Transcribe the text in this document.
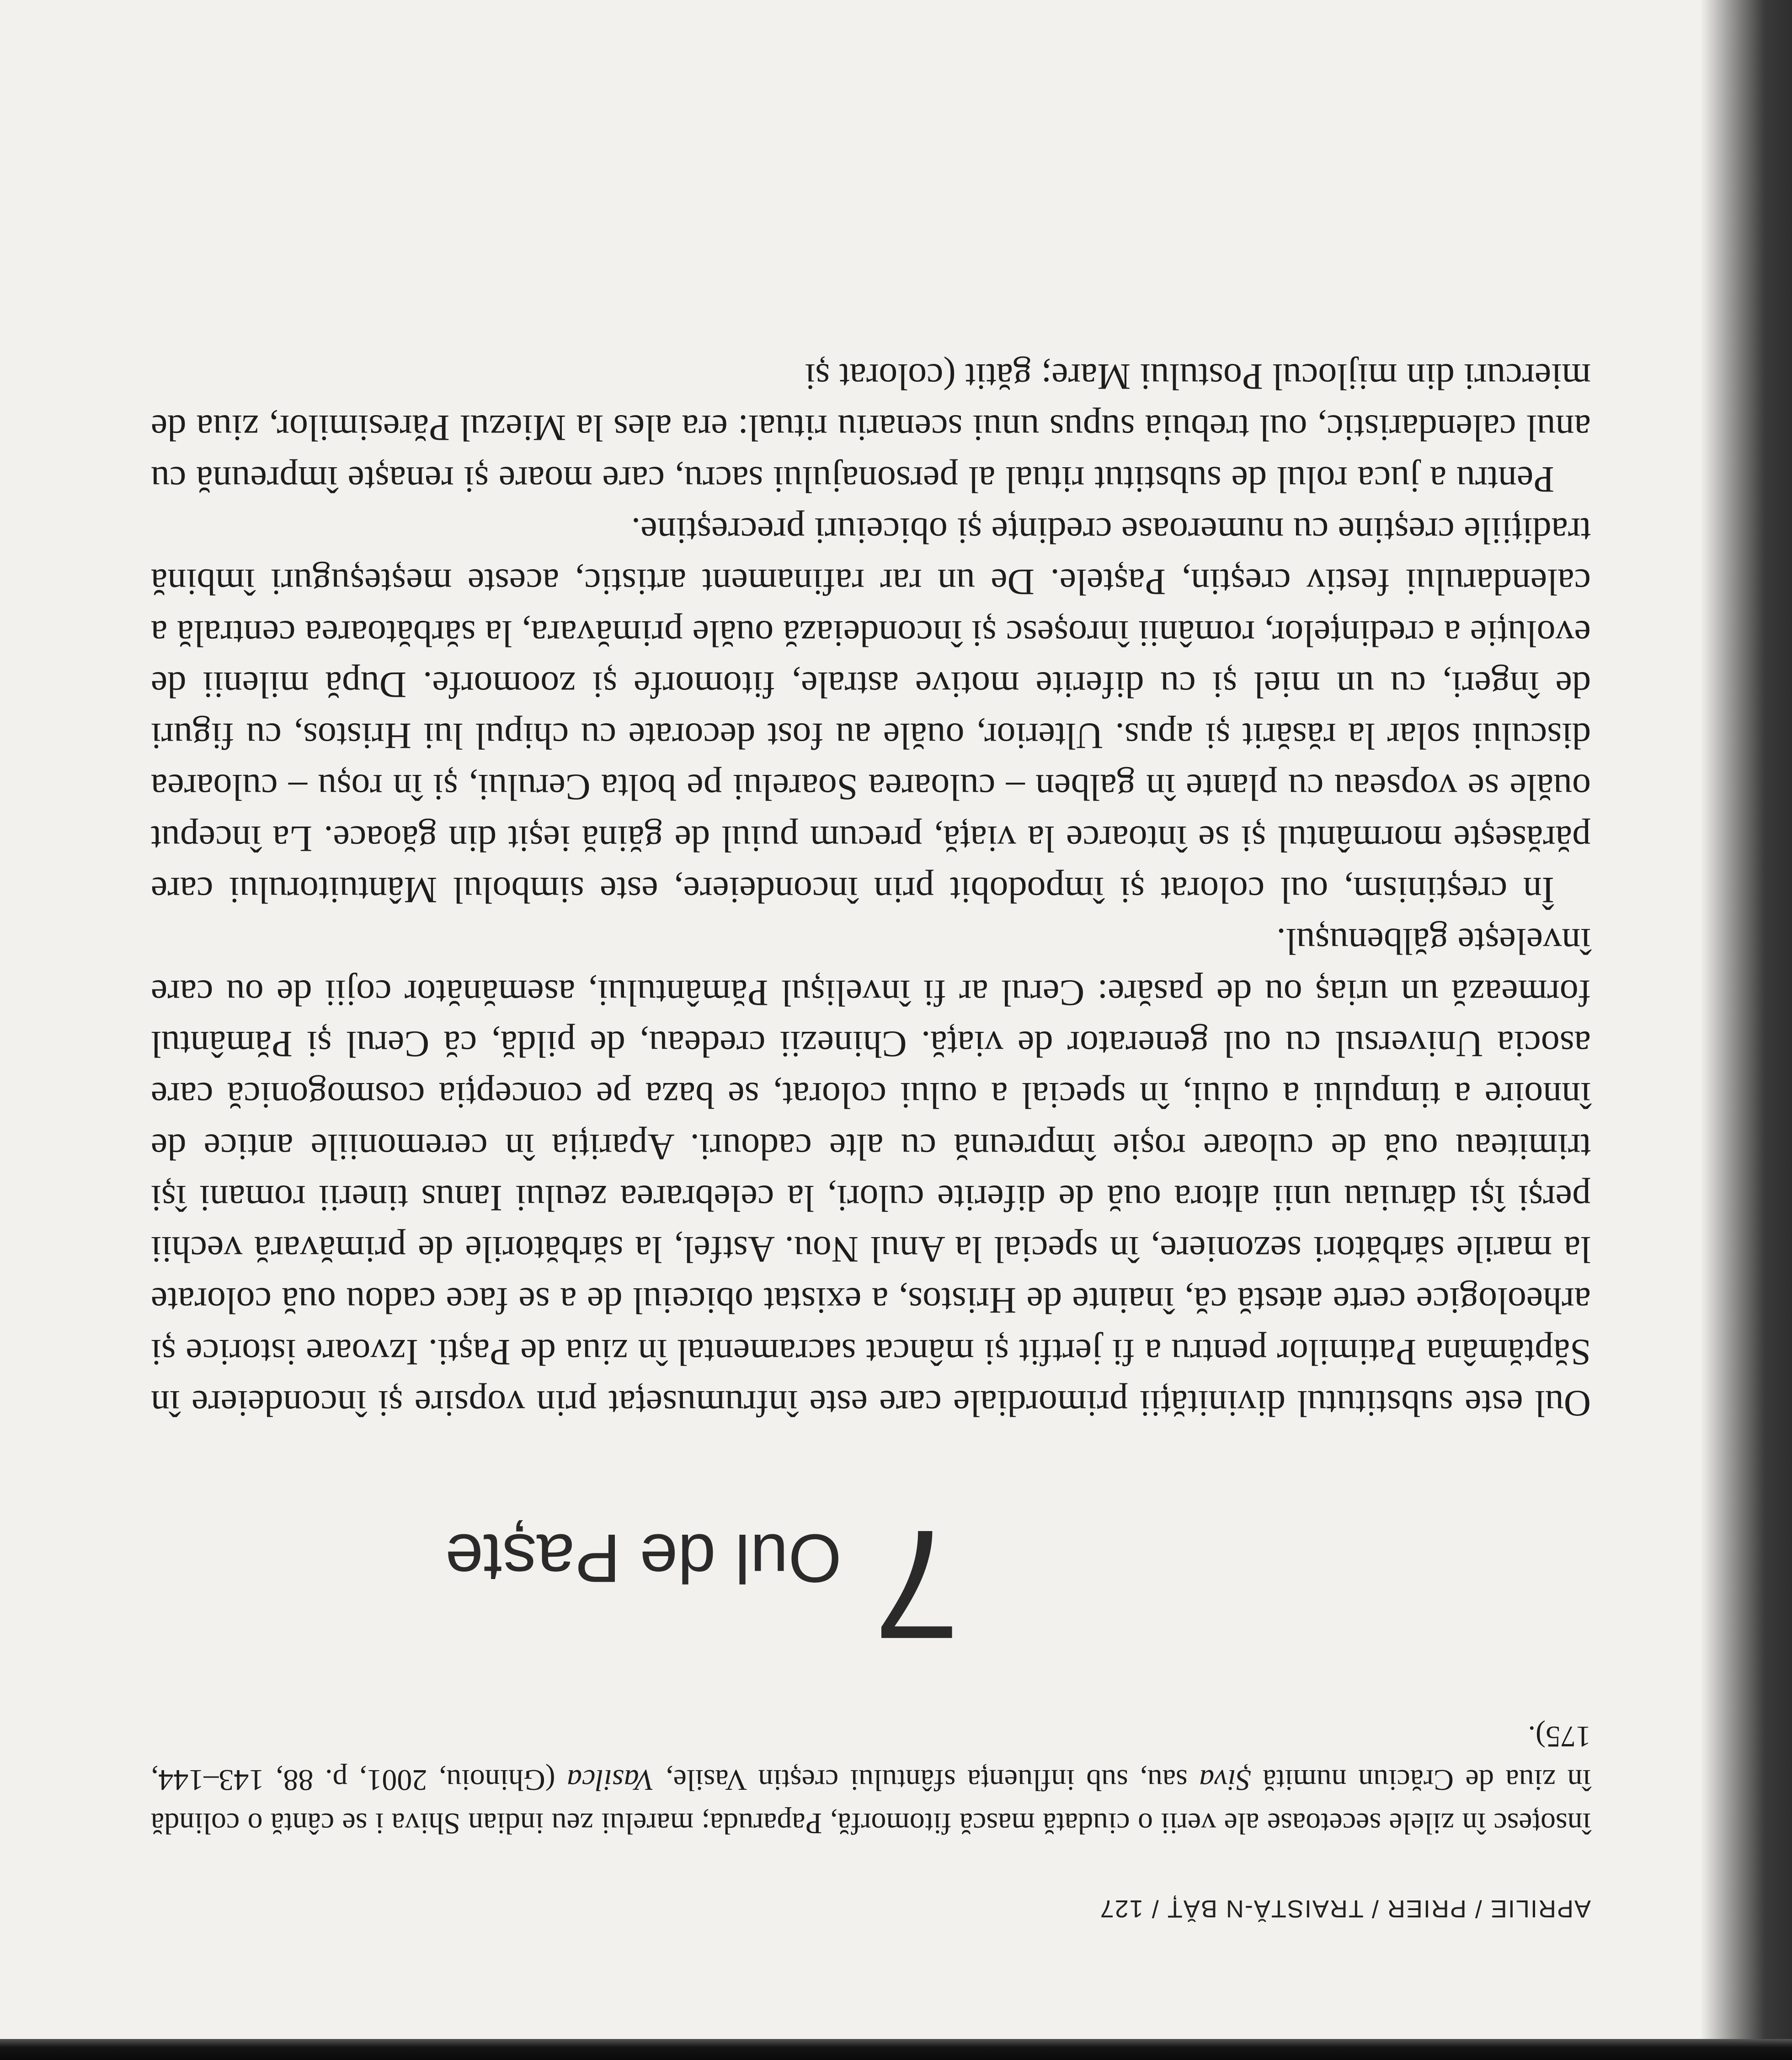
APRILIE / PRIER / TRAISTĂ-N BĂȚ / 127
însoțesc în zilele secetoase ale verii o ciudată mască fitomorfă, Paparuda; marelui zeu indian Shiva i se cântă o colindă în ziua de Crăciun numită Șiva sau, sub influența sfântului creștin Vasile, Vasilca (Ghinoiu, 2001, p. 88, 143–144, 175).
7
Oul de Paște

Oul este substitutul divinității primordiale care este înfrumusețat prin vopsire și încondeiere în Săptămâna Patimilor pentru a fi jertfit și mâncat sacramental în ziua de Paști. Izvoare istorice și arheologice certe atestă că, înainte de Hristos, a existat obiceiul de a se face cadou ouă colorate la marile sărbători sezoniere, în special la Anul Nou. Astfel, la sărbătorile de primăvară vechii perși își dăruiau unii altora ouă de diferite culori, la celebrarea zeului Ianus tinerii romani își trimiteau ouă de culoare roșie împreună cu alte cadouri. Apariția în ceremoniile antice de înnoire a timpului a oului, în special a oului colorat, se baza pe concepția cosmogonică care asocia Universul cu oul generator de viață. Chinezii credeau, de pildă, că Cerul și Pământul formează un uriaș ou de pasăre: Cerul ar fi învelișul Pământului, asemănător cojii de ou care învelește gălbenușul.

În creștinism, oul colorat și împodobit prin încondeiere, este simbolul Mântuitorului care părăsește mormântul și se întoarce la viață, precum puiul de găină ieșit din găoace. La început ouăle se vopseau cu plante în galben – culoarea Soarelui pe bolta Cerului, și în roșu – culoarea discului solar la răsărit și apus. Ulterior, ouăle au fost decorate cu chipul lui Hristos, cu figuri de îngeri, cu un miel și cu diferite motive astrale, fitomorfe și zoomorfe. După milenii de evoluție a credințelor, românii înroșesc și încondeiază ouăle primăvara, la sărbătoarea centrală a calendarului festiv creștin, Paștele. De un rar rafinament artistic, aceste meșteșuguri îmbină tradițiile creștine cu numeroase credințe și obiceiuri precreștine.

Pentru a juca rolul de substitut ritual al personajului sacru, care moare și renaște împreună cu anul calendaristic, oul trebuia supus unui scenariu ritual: era ales la Miezul Păresimilor, ziua de miercuri din mijlocul Postului Mare; gătit (colorat și
